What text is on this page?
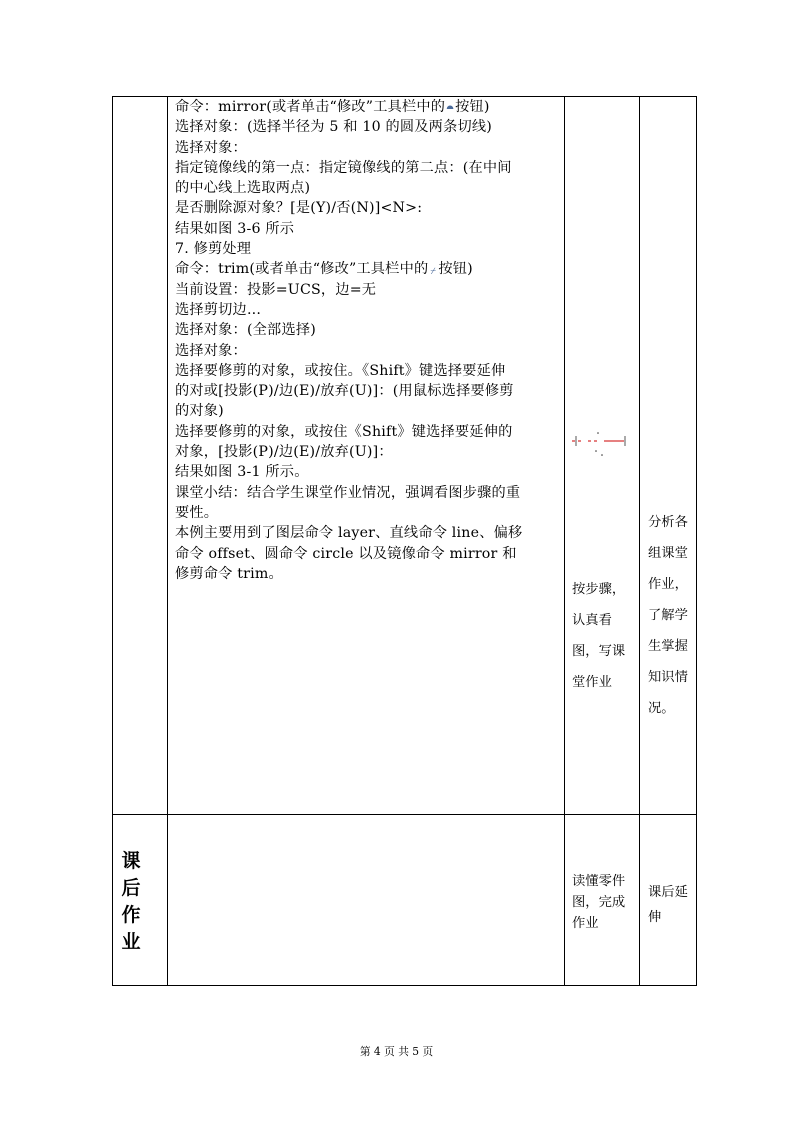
命令：mirror(或者单击“修改”工具栏中的⯊按钮)
选择对象：(选择半径为 5 和 10 的圆及两条切线)
选择对象：
指定镜像线的第一点：指定镜像线的第二点：(在中间
的中心线上选取两点)
是否删除源对象？[是(Y)/否(N)]<N>:
结果如图 3-6 所示
7. 修剪处理
命令：trim(或者单击“修改”工具栏中的 ⌿ 按钮)
当前设置：投影=UCS，边=无
选择剪切边...
选择对象：(全部选择)
选择对象：
选择要修剪的对象，或按住。《Shift》键选择要延伸
的对或[投影(P)/边(E)/放弃(U)]：(用鼠标选择要修剪
的对象)
选择要修剪的对象，或按住《Shift》键选择要延伸的
对象，[投影(P)/边(E)/放弃(U)]：
结果如图 3-1 所示。
课堂小结：结合学生课堂作业情况，强调看图步骤的重
要性。
本例主要用到了图层命令 layer、直线命令 line、偏移
命令 offset、圆命令 circle 以及镜像命令 mirror 和
修剪命令 trim。
按步骤，
认真看
图，写课
堂作业
分析各
组课堂
作业，
了解学
生掌握
知识情
况。
课
后
作
业
读懂零件
图，完成
作业
课后延
伸
第 4 页 共 5 页
